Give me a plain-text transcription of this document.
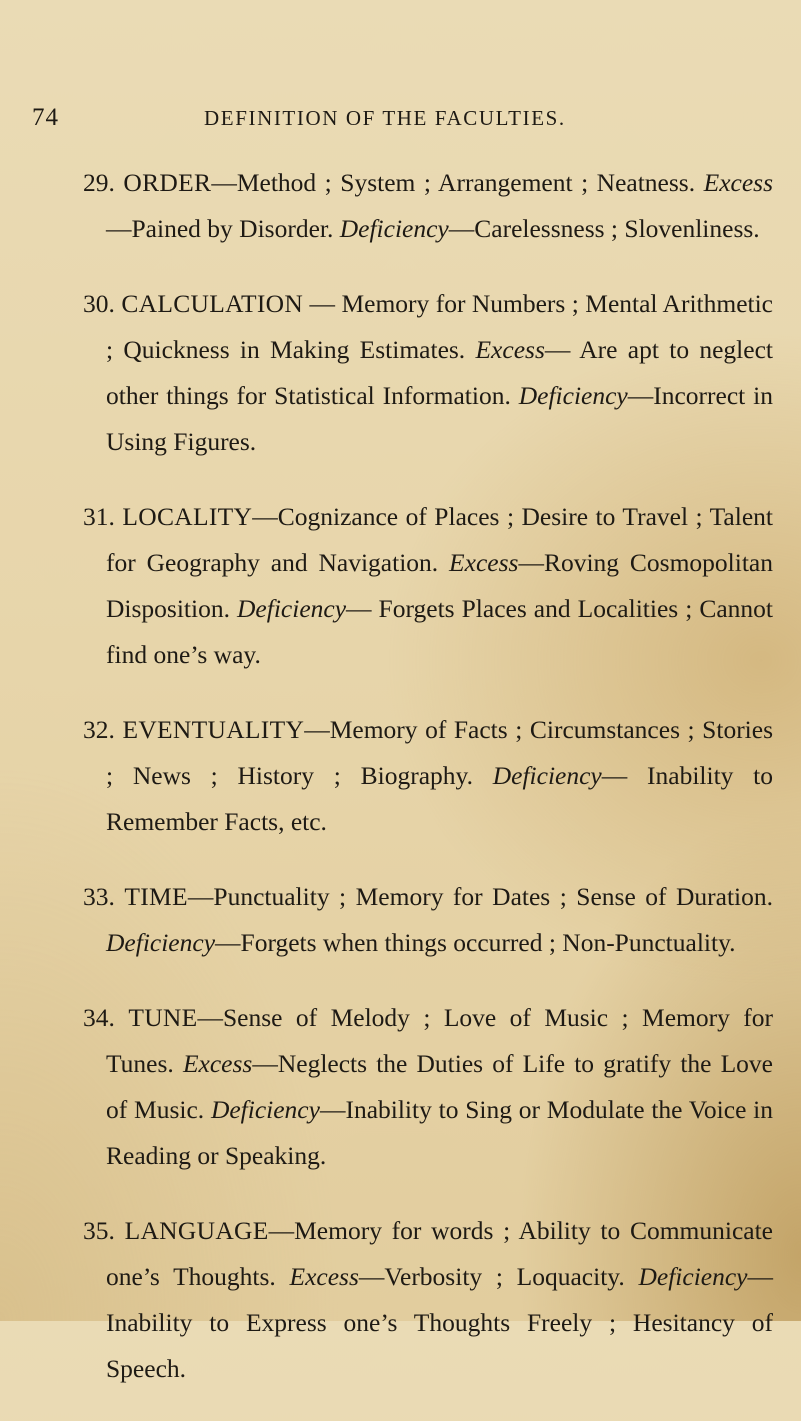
74	DEFINITION OF THE FACULTIES.

29. ORDER—Method ; System ; Arrangement ; Neatness. Excess—Pained by Disorder. Deficiency—Carelessness ; Slovenliness.

30. CALCULATION — Memory for Numbers ; Mental Arithmetic ; Quickness in Making Estimates. Excess— Are apt to neglect other things for Statistical Information. Deficiency—Incorrect in Using Figures.

31. LOCALITY—Cognizance of Places ; Desire to Travel ; Talent for Geography and Navigation. Excess—Roving Cosmopolitan Disposition. Deficiency— Forgets Places and Localities ; Cannot find one’s way.

32. EVENTUALITY—Memory of Facts ; Circumstances ; Stories ; News ; History ; Biography. Deficiency— Inability to Remember Facts, etc.

33. TIME—Punctuality ; Memory for Dates ; Sense of Duration. Deficiency—Forgets when things occurred ; Non-Punctuality.

34. TUNE—Sense of Melody ; Love of Music ; Memory for Tunes. Excess—Neglects the Duties of Life to gratify the Love of Music. Deficiency—Inability to Sing or Modulate the Voice in Reading or Speaking.

35. LANGUAGE—Memory for words ; Ability to Communicate one’s Thoughts. Excess—Verbosity ; Loquacity. Deficiency—Inability to Express one’s Thoughts Freely ; Hesitancy of Speech.
